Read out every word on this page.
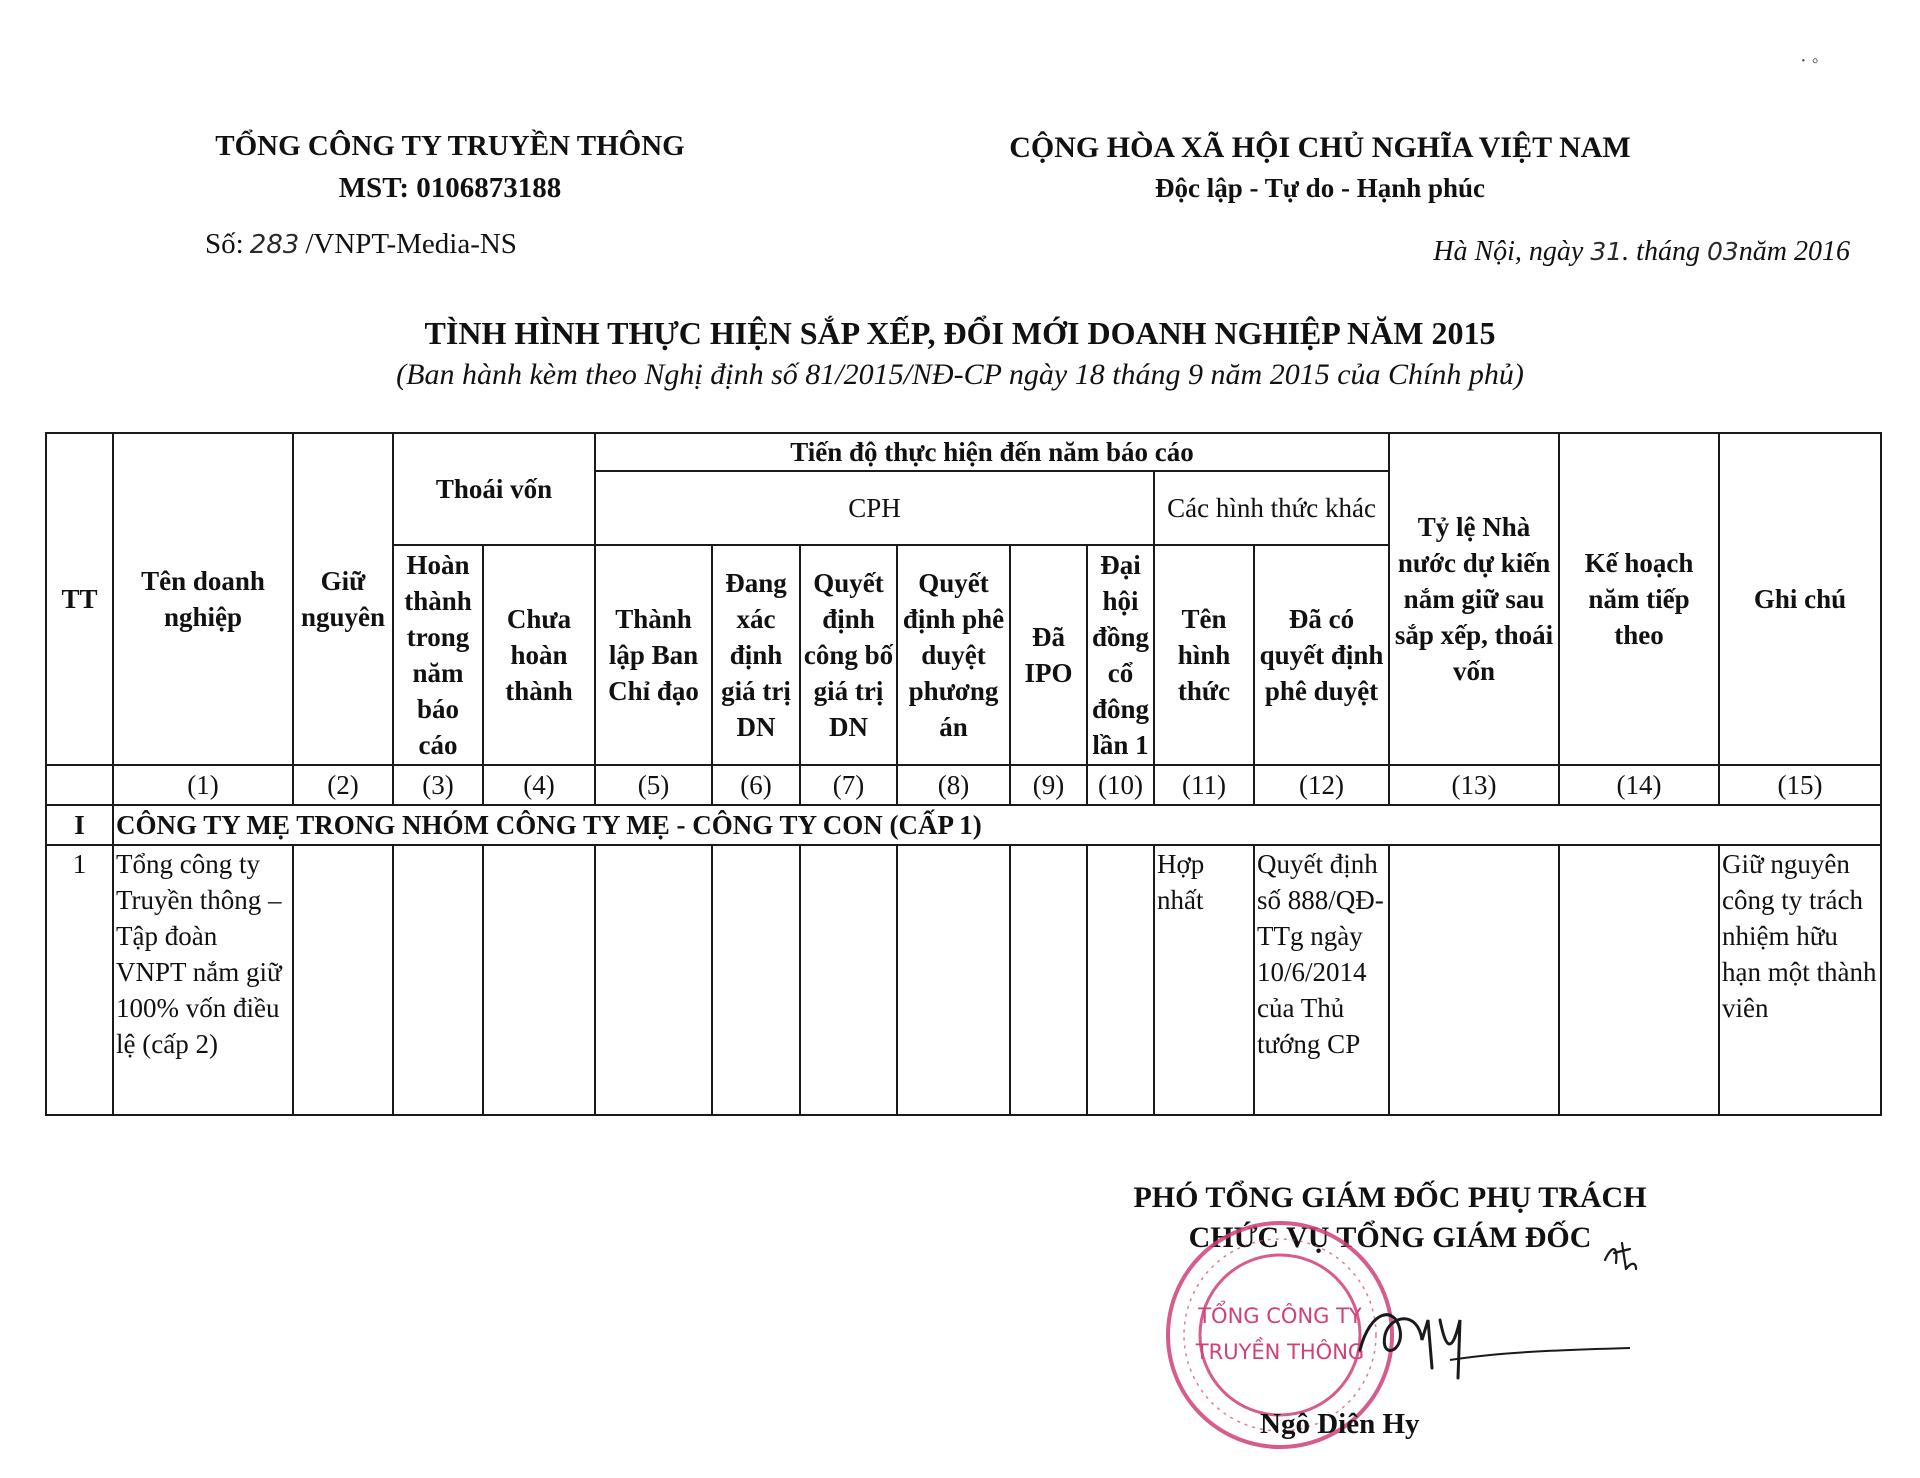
· ◦
TỔNG CÔNG TY TRUYỀN THÔNG
MST: 0106873188
CỘNG HÒA XÃ HỘI CHỦ NGHĨA VIỆT NAM
Độc lập - Tự do - Hạnh phúc
Số: 283 /VNPT-Media-NS	Hà Nội, ngày 31. tháng 03năm 2016
TÌNH HÌNH THỰC HIỆN SẮP XẾP, ĐỔI MỚI DOANH NGHIỆP NĂM 2015
(Ban hành kèm theo Nghị định số 81/2015/NĐ-CP ngày 18 tháng 9 năm 2015 của Chính phủ)
TT	Tên doanh nghiệp	Giữ nguyên	Thoái vốn		Tiến độ thực hiện đến năm báo cáo								Tỷ lệ Nhà nước dự kiến nắm giữ sau sắp xếp, thoái vốn	Kế hoạch năm tiếp theo	Ghi chú
					CPH						Các hình thức khác				
			Hoàn thành trong năm báo cáo	Chưa hoàn thành	Thành lập Ban Chỉ đạo	Đang xác định giá trị DN	Quyết định công bố giá trị DN	Quyết định phê duyệt phương án	Đã IPO	Đại hội đồng cổ đông lần 1	Tên hình thức	Đã có quyết định phê duyệt			
	(1)	(2)	(3)	(4)	(5)	(6)	(7)	(8)	(9)	(10)	(11)	(12)	(13)	(14)	(15)
I	CÔNG TY MẸ TRONG NHÓM CÔNG TY MẸ - CÔNG TY CON (CẤP 1)														
1	Tổng công ty Truyền thông – Tập đoàn VNPT nắm giữ 100% vốn điều lệ (cấp 2)										Hợp nhất	Quyết định số 888/QĐ-TTg ngày 10/6/2014 của Thủ tướng CP			Giữ nguyên công ty trách nhiệm hữu hạn một thành viên
PHÓ TỔNG GIÁM ĐỐC PHỤ TRÁCH
CHỨC VỤ TỔNG GIÁM ĐỐC
TỔNG CÔNG TY
TRUYỀN THÔNG
Ngô Diên Hy
